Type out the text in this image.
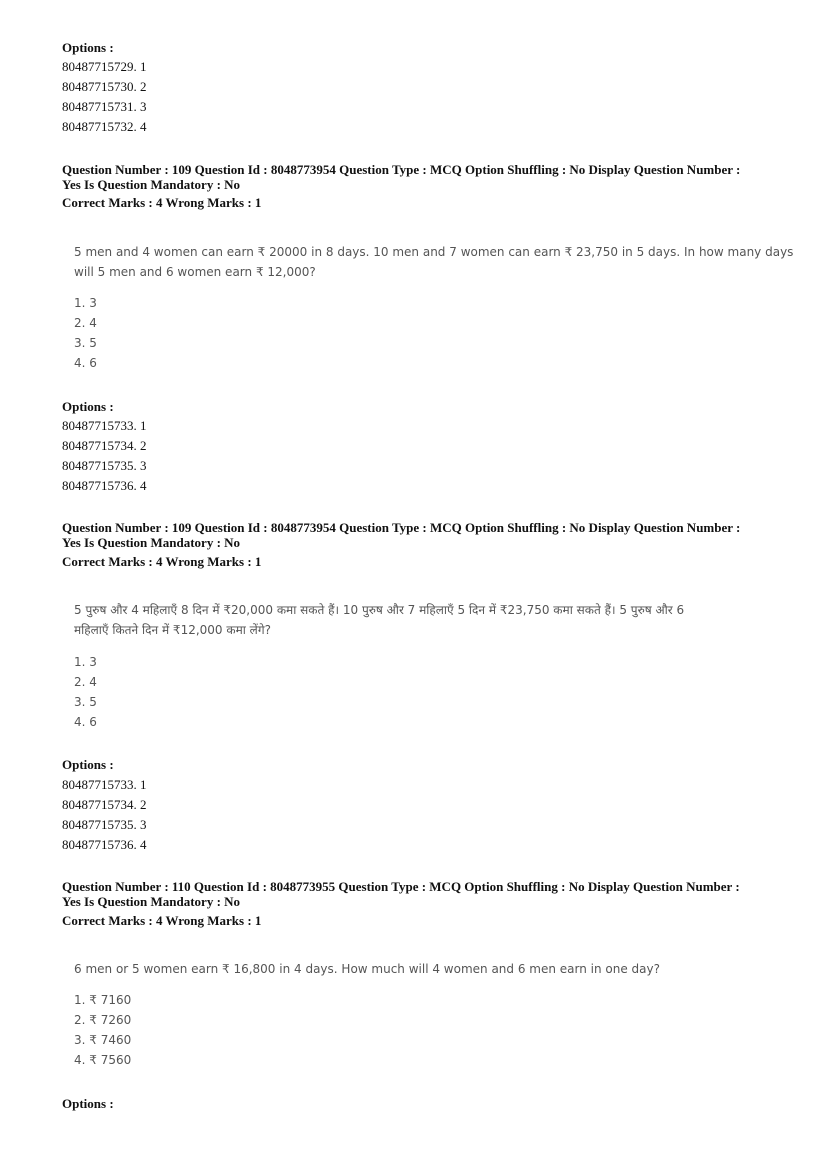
Options :
80487715729. 1
80487715730. 2
80487715731. 3
80487715732. 4
Question Number : 109 Question Id : 8048773954 Question Type : MCQ Option Shuffling : No Display Question Number :
Yes Is Question Mandatory : No
Correct Marks : 4 Wrong Marks : 1
5 men and 4 women can earn ₹ 20000 in 8 days. 10 men and 7 women can earn ₹ 23,750 in 5 days. In how many days
will 5 men and 6 women earn ₹ 12,000?
1. 3
2. 4
3. 5
4. 6
Options :
80487715733. 1
80487715734. 2
80487715735. 3
80487715736. 4
Question Number : 109 Question Id : 8048773954 Question Type : MCQ Option Shuffling : No Display Question Number :
Yes Is Question Mandatory : No
Correct Marks : 4 Wrong Marks : 1
5 पुरुष और 4 महिलाएँ 8 दिन में ₹20,000 कमा सकते हैं। 10 पुरुष और 7 महिलाएँ 5 दिन में ₹23,750 कमा सकते हैं। 5 पुरुष और 6
महिलाएँ कितने दिन में ₹12,000 कमा लेंगे?
1. 3
2. 4
3. 5
4. 6
Options :
80487715733. 1
80487715734. 2
80487715735. 3
80487715736. 4
Question Number : 110 Question Id : 8048773955 Question Type : MCQ Option Shuffling : No Display Question Number :
Yes Is Question Mandatory : No
Correct Marks : 4 Wrong Marks : 1
6 men or 5 women earn ₹ 16,800 in 4 days. How much will 4 women and 6 men earn in one day?
1. ₹ 7160
2. ₹ 7260
3. ₹ 7460
4. ₹ 7560
Options :
